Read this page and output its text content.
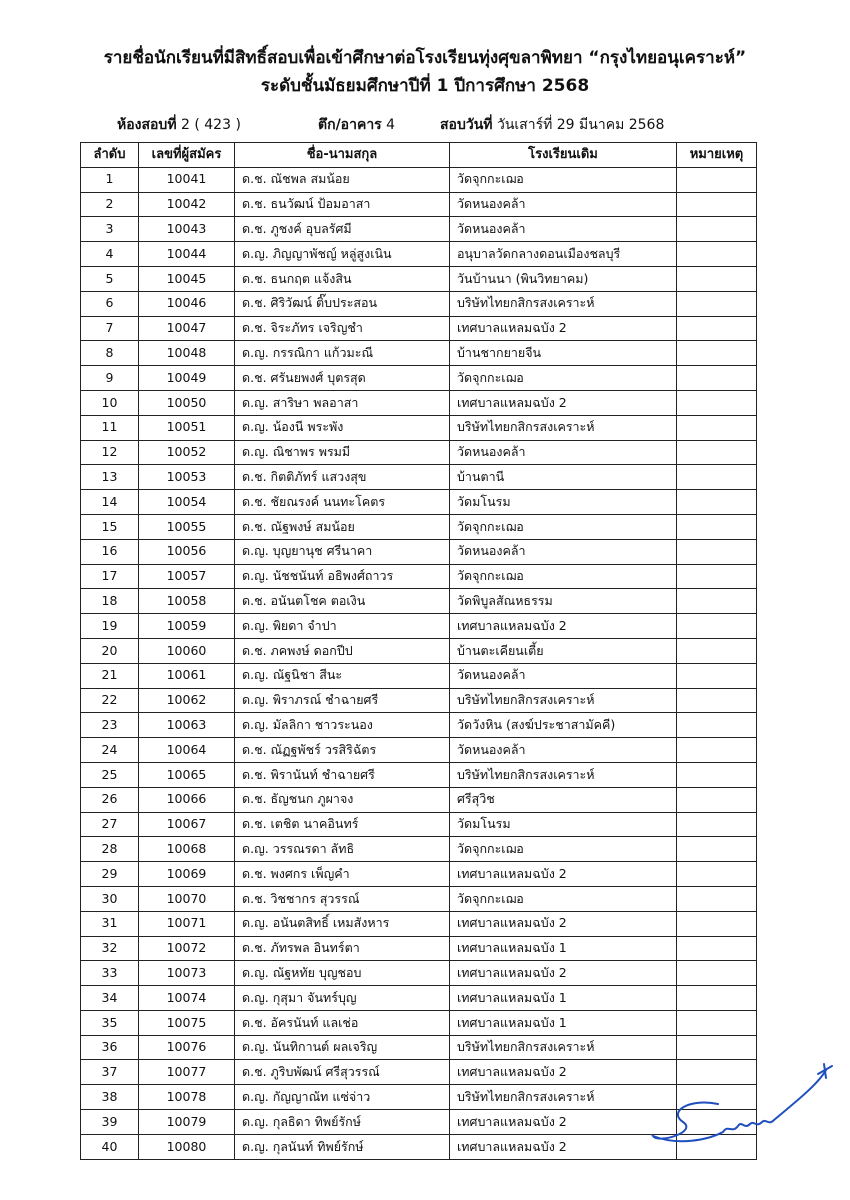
รายชื่อนักเรียนที่มีสิทธิ์สอบเพื่อเข้าศึกษาต่อโรงเรียนทุ่งศุขลาพิทยา “กรุงไทยอนุเคราะห์”
ระดับชั้นมัธยมศึกษาปีที่ 1 ปีการศึกษา 2568
ห้องสอบที่ 2 ( 423 )	ตึก/อาคาร 4	สอบวันที่ วันเสาร์ที่ 29 มีนาคม 2568
ลำดับ	เลขที่ผู้สมัคร	ชื่อ-นามสกุล	โรงเรียนเดิม	หมายเหตุ
1	10041	ด.ช. ณัชพล สมน้อย	วัดจุกกะเฌอ	
2	10042	ด.ช. ธนวัฒน์ ป้อมอาสา	วัดหนองคล้า	
3	10043	ด.ช. ภูชงค์ อุบลรัศมี	วัดหนองคล้า	
4	10044	ด.ญ. ภิญญาพัชญ์ หลู่สูงเนิน	อนุบาลวัดกลางดอนเมืองชลบุรี	
5	10045	ด.ช. ธนกฤต แจ้งสิน	วันบ้านนา (พินวิทยาคม)	
6	10046	ด.ช. ศิริวัฒน์ ติ๊บประสอน	บริษัทไทยกสิกรสงเคราะห์	
7	10047	ด.ช. จิระภัทร เจริญชำ	เทศบาลแหลมฉบัง 2	
8	10048	ด.ญ. กรรณิกา แก้วมะณี	บ้านชากยายจีน	
9	10049	ด.ช. ศรันยพงศ์ บุตรสุด	วัดจุกกะเฌอ	
10	10050	ด.ญ. สาริษา พลอาสา	เทศบาลแหลมฉบัง 2	
11	10051	ด.ญ. น้องนี พระพัง	บริษัทไทยกสิกรสงเคราะห์	
12	10052	ด.ญ. ณิชาพร พรมมี	วัดหนองคล้า	
13	10053	ด.ช. กิตติภัทร์ แสวงสุข	บ้านตานี	
14	10054	ด.ช. ชัยณรงค์ นนทะโคตร	วัดมโนรม	
15	10055	ด.ช. ณัฐพงษ์ สมน้อย	วัดจุกกะเฌอ	
16	10056	ด.ญ. บุญยานุช ศรีนาคา	วัดหนองคล้า	
17	10057	ด.ญ. นัชชนันท์ อธิพงศ์ถาวร	วัดจุกกะเฌอ	
18	10058	ด.ช. อนันตโชค ตอเงิน	วัดพิบูลสัณหธรรม	
19	10059	ด.ญ. พิยดา จำปา	เทศบาลแหลมฉบัง 2	
20	10060	ด.ช. ภคพงษ์ ดอกปีป	บ้านตะเคียนเตี้ย	
21	10061	ด.ญ. ณัฐนิชา สีนะ	วัดหนองคล้า	
22	10062	ด.ญ. พิราภรณ์ ชำฉายศรี	บริษัทไทยกสิกรสงเคราะห์	
23	10063	ด.ญ. มัลลิกา ชาวระนอง	วัดวังหิน (สงฆ์ประชาสามัคคี)	
24	10064	ด.ช. ณัฏฐพัชร์ วรสิริฉัตร	วัดหนองคล้า	
25	10065	ด.ช. พิรานันท์ ชำฉายศรี	บริษัทไทยกสิกรสงเคราะห์	
26	10066	ด.ช. ธัญชนก ภูผาจง	ศรีสุวิช	
27	10067	ด.ช. เตชิต นาคอินทร์	วัดมโนรม	
28	10068	ด.ญ. วรรณรดา ลัทธิ	วัดจุกกะเฌอ	
29	10069	ด.ช. พงศกร เพ็ญคำ	เทศบาลแหลมฉบัง 2	
30	10070	ด.ช. วิชชากร สุวรรณ์	วัดจุกกะเฌอ	
31	10071	ด.ญ. อนันตสิทธิ์ เหมสังหาร	เทศบาลแหลมฉบัง 2	
32	10072	ด.ช. ภัทรพล อินทร์ตา	เทศบาลแหลมฉบัง 1	
33	10073	ด.ญ. ณัฐหทัย บุญชอบ	เทศบาลแหลมฉบัง 2	
34	10074	ด.ญ. กุสุมา จันทร์บุญ	เทศบาลแหลมฉบัง 1	
35	10075	ด.ช. อัครนันท์ แลเช่อ	เทศบาลแหลมฉบัง 1	
36	10076	ด.ญ. นันทิกานต์ ผลเจริญ	บริษัทไทยกสิกรสงเคราะห์	
37	10077	ด.ช. ภูริบพัฒน์ ศรีสุวรรณ์	เทศบาลแหลมฉบัง 2	
38	10078	ด.ญ. กัญญาณัท แซ่จ่าว	บริษัทไทยกสิกรสงเคราะห์	
39	10079	ด.ญ. กุลธิดา ทิพย์รักษ์	เทศบาลแหลมฉบัง 2	
40	10080	ด.ญ. กุลนันท์ ทิพย์รักษ์	เทศบาลแหลมฉบัง 2	
